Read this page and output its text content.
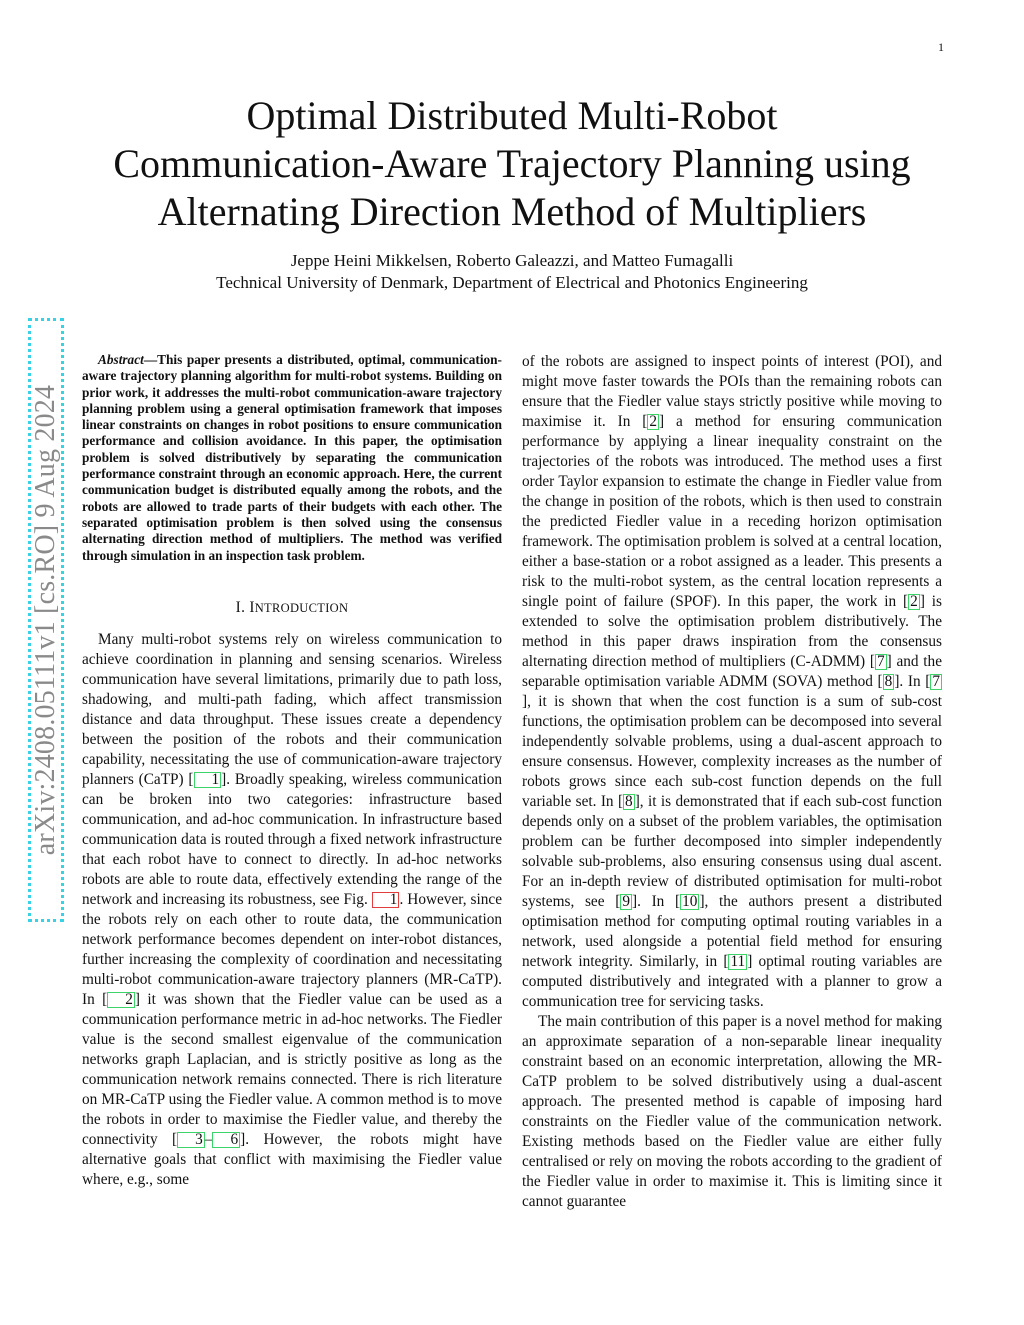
1
arXiv:2408.05111v1 [cs.RO] 9 Aug 2024
Optimal Distributed Multi-Robot
Communication-Aware Trajectory Planning using
Alternating Direction Method of Multipliers
Jeppe Heini Mikkelsen, Roberto Galeazzi, and Matteo Fumagalli
Technical University of Denmark, Department of Electrical and Photonics Engineering

Abstract—This paper presents a distributed, optimal, communication-aware trajectory planning algorithm for multi-robot systems. Building on prior work, it addresses the multi-robot communication-aware trajectory planning problem using a general optimisation framework that imposes linear constraints on changes in robot positions to ensure communication performance and collision avoidance. In this paper, the optimisation problem is solved distributively by separating the communication performance constraint through an economic approach. Here, the current communication budget is distributed equally among the robots, and the robots are allowed to trade parts of their budgets with each other. The separated optimisation problem is then solved using the consensus alternating direction method of multipliers. The method was verified through simulation in an inspection task problem.

I. INTRODUCTION

Many multi-robot systems rely on wireless communication to achieve coordination in planning and sensing scenarios. Wireless communication have several limitations, primarily due to path loss, shadowing, and multi-path fading, which affect transmission distance and data throughput. These issues create a dependency between the position of the robots and their communication capability, necessitating the use of communication-aware trajectory planners (CaTP) [ 1 ]. Broadly speaking, wireless communication can be broken into two categories: infrastructure based communication, and ad-hoc communication. In infrastructure based communication data is routed through a fixed network infrastructure that each robot have to connect to directly. In ad-hoc networks robots are able to route data, effectively extending the range of the network and increasing its robustness, see Fig. 1 . However, since the robots rely on each other to route data, the communication network performance becomes dependent on inter-robot distances, further increasing the complexity of coordination and necessitating multi-robot communication-aware trajectory planners (MR-CaTP). In [ 2 ] it was shown that the Fiedler value can be used as a communication performance metric in ad-hoc networks. The Fiedler value is the second smallest eigenvalue of the communication networks graph Laplacian, and is strictly positive as long as the communication network remains connected. There is rich literature on MR-CaTP using the Fiedler value. A common method is to move the robots in order to maximise the Fiedler value, and thereby the connectivity [ 3 – 6 ]. However, the robots might have alternative goals that conflict with maximising the Fiedler value where, e.g., some

of the robots are assigned to inspect points of interest (POI), and might move faster towards the POIs than the remaining robots can ensure that the Fiedler value stays strictly positive while moving to maximise it. In [ 2 ] a method for ensuring communication performance by applying a linear inequality constraint on the trajectories of the robots was introduced. The method uses a first order Taylor expansion to estimate the change in Fiedler value from the change in position of the robots, which is then used to constrain the predicted Fiedler value in a receding horizon optimisation framework. The optimisation problem is solved at a central location, either a base-station or a robot assigned as a leader. This presents a risk to the multi-robot system, as the central location represents a single point of failure (SPOF). In this paper, the work in [ 2 ] is extended to solve the optimisation problem distributively. The method in this paper draws inspiration from the consensus alternating direction method of multipliers (C-ADMM) [ 7 ] and the separable optimisation variable ADMM (SOVA) method [ 8 ]. In [ 7], it is shown that when the cost function is a sum of sub-cost functions, the optimisation problem can be decomposed into several independently solvable problems, using a dual-ascent approach to ensure consensus. However, complexity increases as the number of robots grows since each sub-cost function depends on the full variable set. In [ 8 ], it is demonstrated that if each sub-cost function depends only on a subset of the problem variables, the optimisation problem can be further decomposed into simpler independently solvable sub-problems, also ensuring consensus using dual ascent. For an in-depth review of distributed optimisation for multi-robot systems, see [ 9 ]. In [ 10 ], the authors present a distributed optimisation method for computing optimal routing variables in a network, used alongside a potential field method for ensuring network integrity. Similarly, in [ 11 ] optimal routing variables are computed distributively and integrated with a planner to grow a communication tree for servicing tasks.

The main contribution of this paper is a novel method for making an approximate separation of a non-separable linear inequality constraint based on an economic interpretation, allowing the MR-CaTP problem to be solved distributively using a dual-ascent approach. The presented method is capable of imposing hard constraints on the Fiedler value of the communication network. Existing methods based on the Fiedler value are either fully centralised or rely on moving the robots according to the gradient of the Fiedler value in order to maximise it. This is limiting since it cannot guarantee
